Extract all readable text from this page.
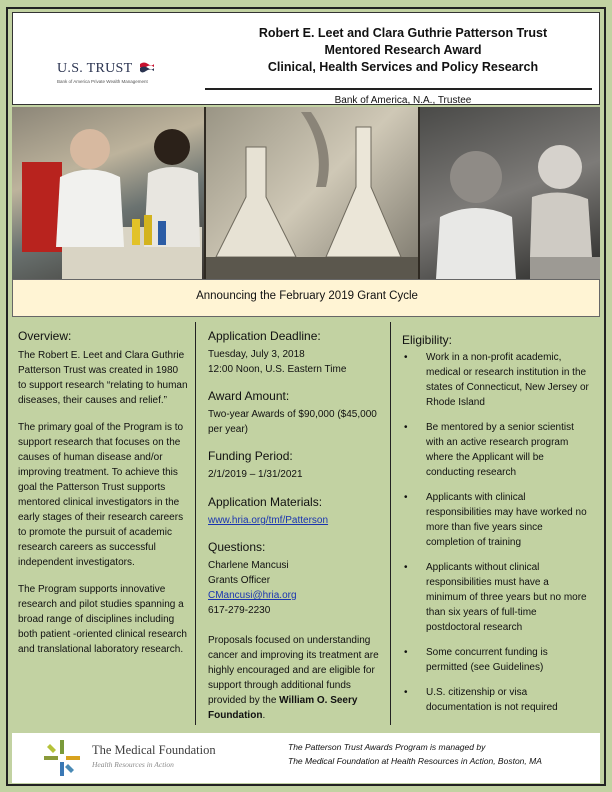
U.S. TRUST
Bank of America Private Wealth Management
Robert E. Leet and Clara Guthrie Patterson Trust
Mentored Research Award
Clinical, Health Services and Policy Research
Bank of America, N.A., Trustee
Announcing the February 2019 Grant Cycle
Overview:

The Robert E. Leet and Clara Guthrie Patterson Trust was created in 1980 to support research “relating to human diseases, their causes and relief.”

The primary goal of the Program is to support research that focuses on the causes of human disease and/or improving treatment. To achieve this goal the Patterson Trust supports mentored clinical investigators in the early stages of their research careers to promote the pursuit of academic research careers as successful independent investigators.

The Program supports innovative research and pilot studies spanning a broad range of disciplines including both patient -oriented clinical research and translational laboratory research.

Application Deadline:

Tuesday, July 3, 2018

12:00 Noon, U.S. Eastern Time

Award Amount:

Two-year Awards of $90,000 ($45,000 per year)

Funding Period:

2/1/2019 – 1/31/2021

Application Materials:

www.hria.org/tmf/Patterson

Questions:

Charlene Mancusi

Grants Officer

CMancusi@hria.org

617-279-2230

Proposals focused on understanding cancer and improving its treatment are highly encouraged and are eligible for support through additional funds provided by the William O. Seery Foundation.

Eligibility:
• Work in a non-profit academic, medical or research institution in the states of Connecticut, New Jersey or Rhode Island
• Be mentored by a senior scientist with an active research program where the Applicant will be conducting research
• Applicants with clinical responsibilities may have worked no more than five years since completion of training
• Applicants without clinical responsibilities must have a minimum of three years but no more than six years of full-time postdoctoral research
• Some concurrent funding is permitted (see Guidelines)
• U.S. citizenship or visa documentation is not required
The Medical Foundation
Health Resources in Action
The Patterson Trust Awards Program is managed by
The Medical Foundation at Health Resources in Action, Boston, MA
